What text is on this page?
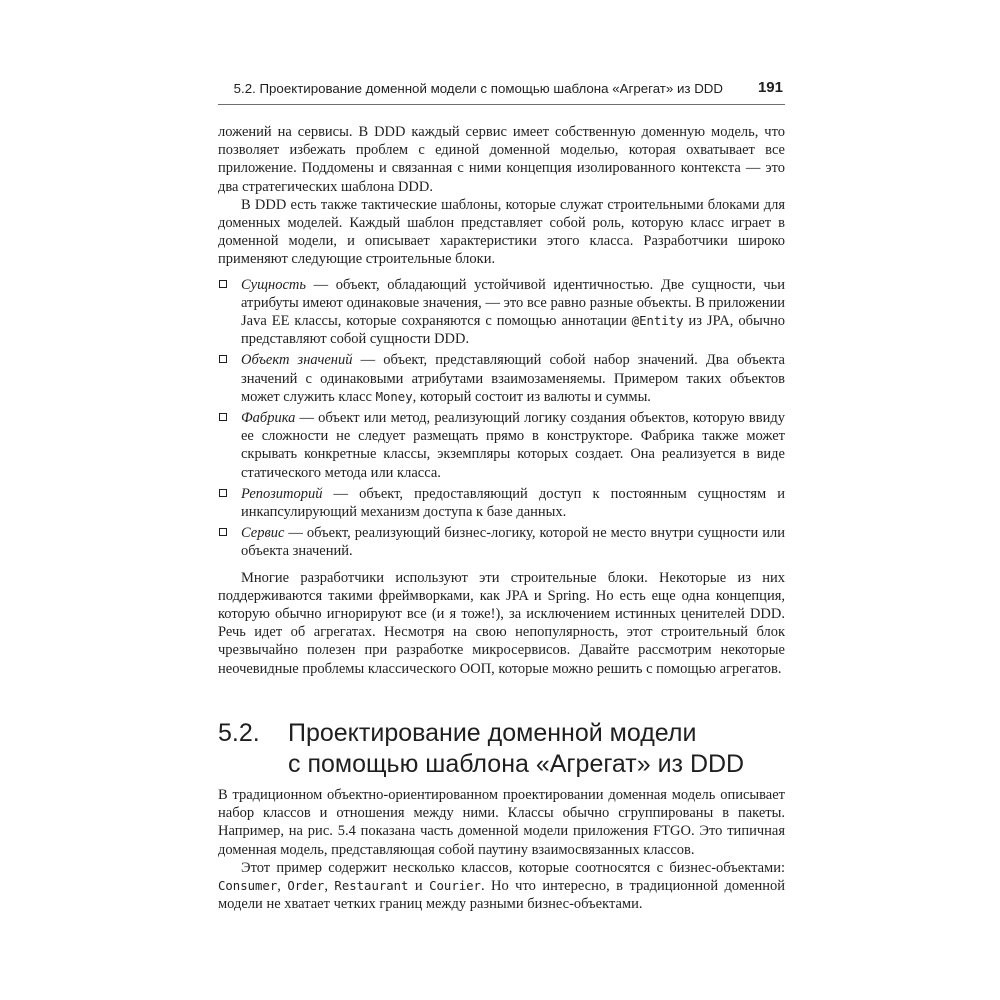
5.2. Проектирование доменной модели с помощью шаблона «Агрегат» из DDD 191

ложений на сервисы. В DDD каждый сервис имеет собственную доменную модель, что позволяет избежать проблем с единой доменной моделью, которая охватывает все приложение. Поддомены и связанная с ними концепция изолированного контекста — это два стратегических шаблона DDD.

В DDD есть также тактические шаблоны, которые служат строительными блоками для доменных моделей. Каждый шаблон представляет собой роль, которую класс играет в доменной модели, и описывает характеристики этого класса. Разработчики широко применяют следующие строительные блоки.

Сущность — объект, обладающий устойчивой идентичностью. Две сущности, чьи атрибуты имеют одинаковые значения, — это все равно разные объекты. В приложении Java EE классы, которые сохраняются с помощью аннотации @Entity из JPA, обычно представляют собой сущности DDD.
Объект значений — объект, представляющий собой набор значений. Два объекта значений с одинаковыми атрибутами взаимозаменяемы. Примером таких объектов может служить класс Money, который состоит из валюты и суммы.
Фабрика — объект или метод, реализующий логику создания объектов, которую ввиду ее сложности не следует размещать прямо в конструкторе. Фабрика также может скрывать конкретные классы, экземпляры которых создает. Она реализуется в виде статического метода или класса.
Репозиторий — объект, предоставляющий доступ к постоянным сущностям и инкапсулирующий механизм доступа к базе данных.
Сервис — объект, реализующий бизнес-логику, которой не место внутри сущности или объекта значений.

Многие разработчики используют эти строительные блоки. Некоторые из них поддерживаются такими фреймворками, как JPA и Spring. Но есть еще одна концепция, которую обычно игнорируют все (и я тоже!), за исключением истинных ценителей DDD. Речь идет об агрегатах. Несмотря на свою непопулярность, этот строительный блок чрезвычайно полезен при разработке микросервисов. Давайте рассмотрим некоторые неочевидные проблемы классического ООП, которые можно решить с помощью агрегатов.

5.2. Проектирование доменной модели
с помощью шаблона «Агрегат» из DDD

В традиционном объектно-ориентированном проектировании доменная модель описывает набор классов и отношения между ними. Классы обычно сгруппированы в пакеты. Например, на рис. 5.4 показана часть доменной модели приложения FTGO. Это типичная доменная модель, представляющая собой паутину взаимосвязанных классов.

Этот пример содержит несколько классов, которые соотносятся с бизнес-объектами: Consumer, Order, Restaurant и Courier. Но что интересно, в традиционной доменной модели не хватает четких границ между разными бизнес-объектами.
